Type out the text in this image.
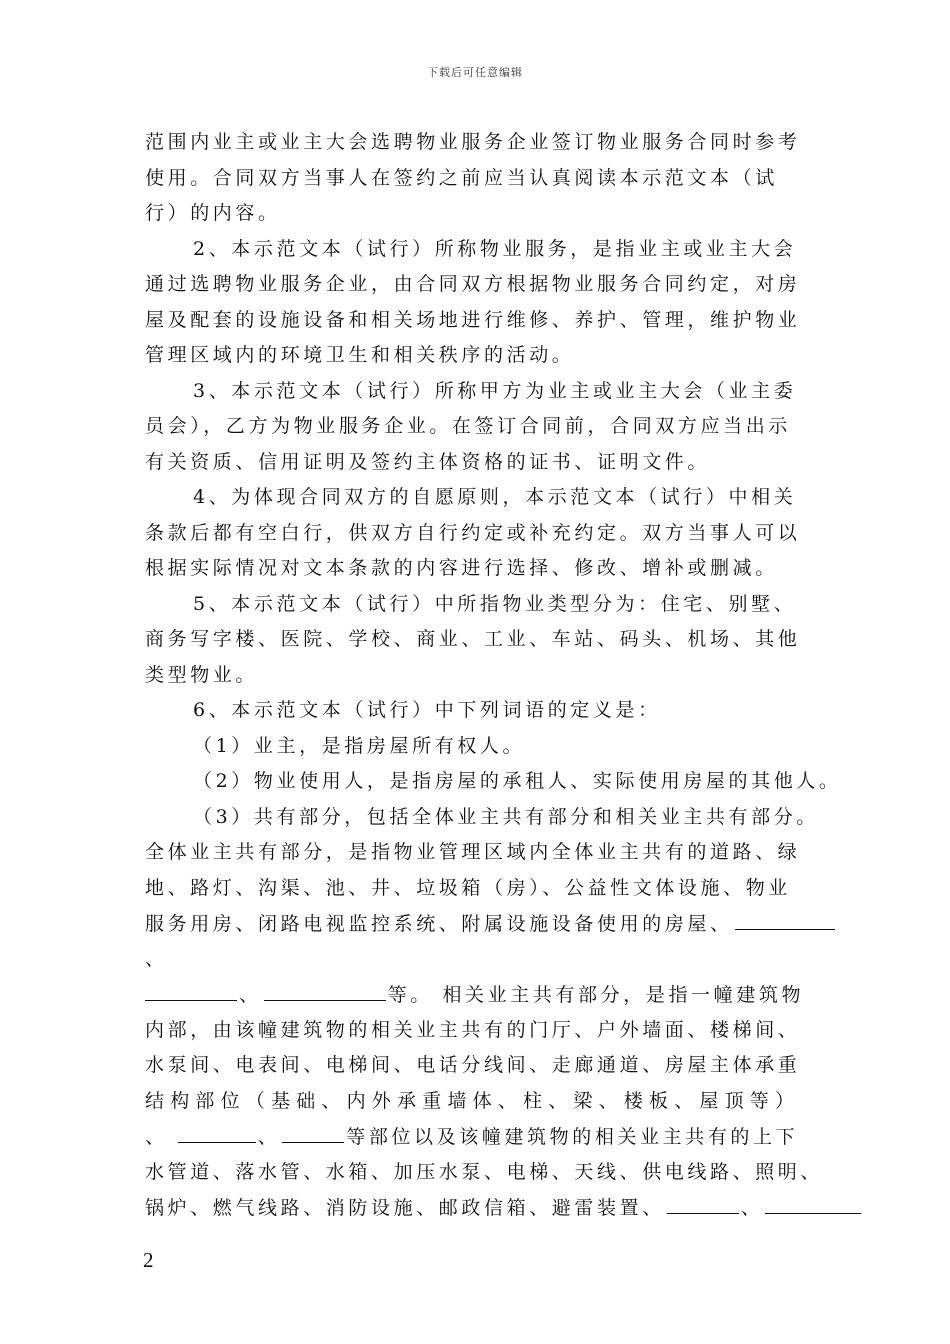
下载后可任意编辑
范围内业主或业主大会选聘物业服务企业签订物业服务合同时参考
使用。合同双方当事人在签约之前应当认真阅读本示范文本（试
行）的内容。
2、本示范文本（试行）所称物业服务，是指业主或业主大会
通过选聘物业服务企业，由合同双方根据物业服务合同约定，对房
屋及配套的设施设备和相关场地进行维修、养护、管理，维护物业
管理区域内的环境卫生和相关秩序的活动。
3、本示范文本（试行）所称甲方为业主或业主大会（业主委
员会），乙方为物业服务企业。在签订合同前，合同双方应当出示
有关资质、信用证明及签约主体资格的证书、证明文件。
4、为体现合同双方的自愿原则，本示范文本（试行）中相关
条款后都有空白行，供双方自行约定或补充约定。双方当事人可以
根据实际情况对文本条款的内容进行选择、修改、增补或删减。
5、本示范文本（试行）中所指物业类型分为：住宅、别墅、
商务写字楼、医院、学校、商业、工业、车站、码头、机场、其他
类型物业。
6、本示范文本（试行）中下列词语的定义是：
（1）业主，是指房屋所有权人。
（2）物业使用人，是指房屋的承租人、实际使用房屋的其他人。
（3）共有部分，包括全体业主共有部分和相关业主共有部分。
全体业主共有部分，是指物业管理区域内全体业主共有的道路、绿
地、路灯、沟渠、池、井、垃圾箱（房）、公益性文体设施、物业
服务用房、闭路电视监控系统、附属设施设备使用的房屋、
、
、	等。 相关业主共有部分，是指一幢建筑物
内部，由该幢建筑物的相关业主共有的门厅、户外墙面、楼梯间、
水泵间、电表间、电梯间、电话分线间、走廊通道、房屋主体承重
结构部位（基础、内外承重墙体、柱、梁、楼板、屋顶等）
、	、	等部位以及该幢建筑物的相关业主共有的上下
水管道、落水管、水箱、加压水泵、电梯、天线、供电线路、照明、
锅炉、燃气线路、消防设施、邮政信箱、避雷装置、	、
2
